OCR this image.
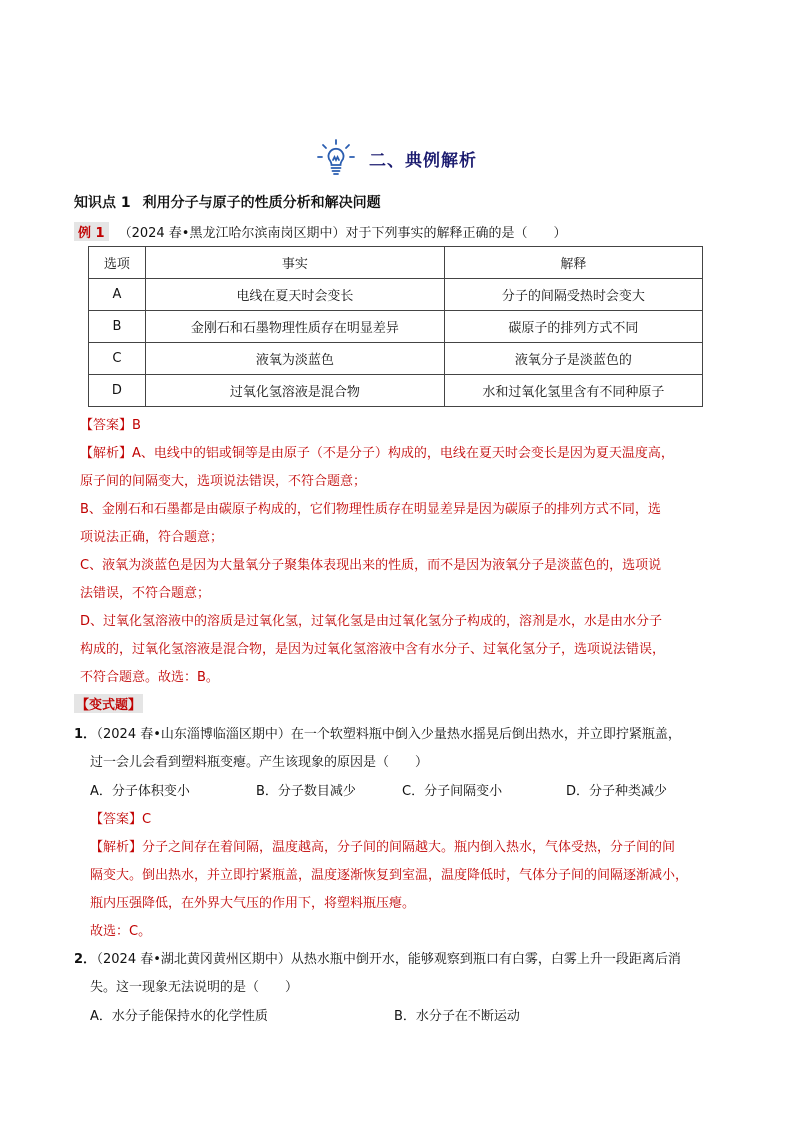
二、典例解析
知识点 1 利用分子与原子的性质分析和解决问题
例 1 （2024 春•黑龙江哈尔滨南岗区期中）对于下列事实的解释正确的是（　　）
选项	事实	解释
A	电线在夏天时会变长	分子的间隔受热时会变大
B	金刚石和石墨物理性质存在明显差异	碳原子的排列方式不同
C	液氧为淡蓝色	液氧分子是淡蓝色的
D	过氧化氢溶液是混合物	水和过氧化氢里含有不同种原子
【答案】B
【解析】A、电线中的铝或铜等是由原子（不是分子）构成的，电线在夏天时会变长是因为夏天温度高，
原子间的间隔变大，选项说法错误，不符合题意；
B、金刚石和石墨都是由碳原子构成的，它们物理性质存在明显差异是因为碳原子的排列方式不同，选
项说法正确，符合题意；
C、液氧为淡蓝色是因为大量氧分子聚集体表现出来的性质，而不是因为液氧分子是淡蓝色的，选项说
法错误，不符合题意；
D、过氧化氢溶液中的溶质是过氧化氢，过氧化氢是由过氧化氢分子构成的，溶剂是水，水是由水分子
构成的，过氧化氢溶液是混合物，是因为过氧化氢溶液中含有水分子、过氧化氢分子，选项说法错误，
不符合题意。故选：B。
【变式题】
1．（2024 春•山东淄博临淄区期中）在一个软塑料瓶中倒入少量热水摇晃后倒出热水，并立即拧紧瓶盖，
过一会儿会看到塑料瓶变瘪。产生该现象的原因是（　　）
A．分子体积变小	B．分子数目减少	C．分子间隔变小	D．分子种类减少
【答案】C
【解析】分子之间存在着间隔，温度越高，分子间的间隔越大。瓶内倒入热水，气体受热，分子间的间
隔变大。倒出热水，并立即拧紧瓶盖，温度逐渐恢复到室温，温度降低时，气体分子间的间隔逐渐减小，
瓶内压强降低，在外界大气压的作用下，将塑料瓶压瘪。
故选：C。
2．（2024 春•湖北黄冈黄州区期中）从热水瓶中倒开水，能够观察到瓶口有白雾，白雾上升一段距离后消
失。这一现象无法说明的是（　　）
A．水分子能保持水的化学性质	B．水分子在不断运动
